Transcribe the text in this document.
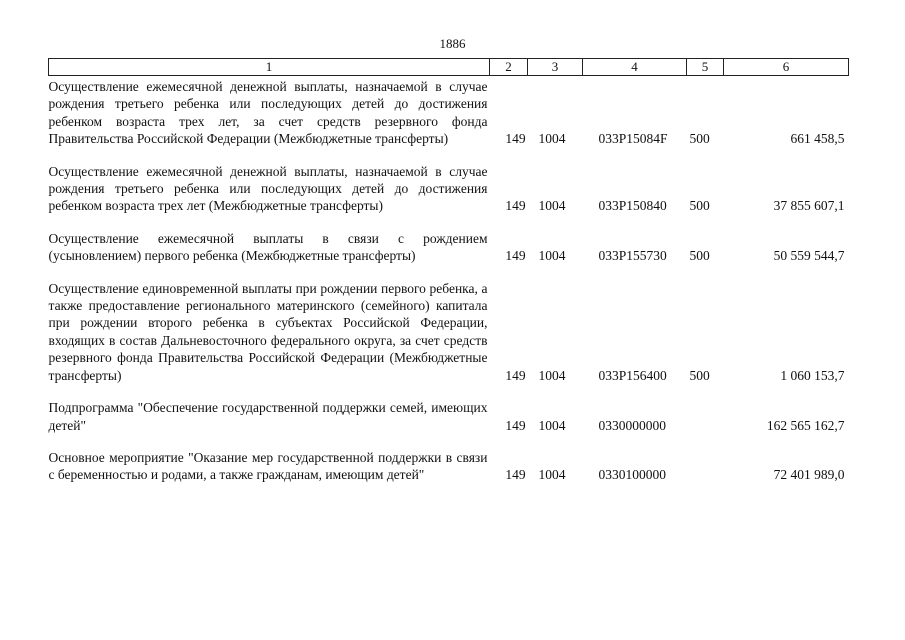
1886
1	2	3	4	5	6
Осуществление ежемесячной денежной выплаты, назначаемой в случае рождения третьего ребенка или последующих детей до достижения ребенком возраста трех лет, за счет средств резервного фонда Правительства Российской Федерации (Межбюджетные трансферты)	149	1004	033P15084F	500	661 458,5
Осуществление ежемесячной денежной выплаты, назначаемой в случае рождения третьего ребенка или последующих детей до достижения ребенком возраста трех лет (Межбюджетные трансферты)	149	1004	033P150840	500	37 855 607,1
Осуществление ежемесячной выплаты в связи с рождением (усыновлением) первого ребенка (Межбюджетные трансферты)	149	1004	033P155730	500	50 559 544,7
Осуществление единовременной выплаты при рождении первого ребенка, а также предоставление регионального материнского (семейного) капитала при рождении второго ребенка в субъектах Российской Федерации, входящих в состав Дальневосточного федерального округа, за счет средств резервного фонда Правительства Российской Федерации (Межбюджетные трансферты)	149	1004	033P156400	500	1 060 153,7
Подпрограмма "Обеспечение государственной поддержки семей, имеющих детей"	149	1004	0330000000		162 565 162,7
Основное мероприятие "Оказание мер государственной поддержки в связи с беременностью и родами, а также гражданам, имеющим детей"	149	1004	0330100000		72 401 989,0
